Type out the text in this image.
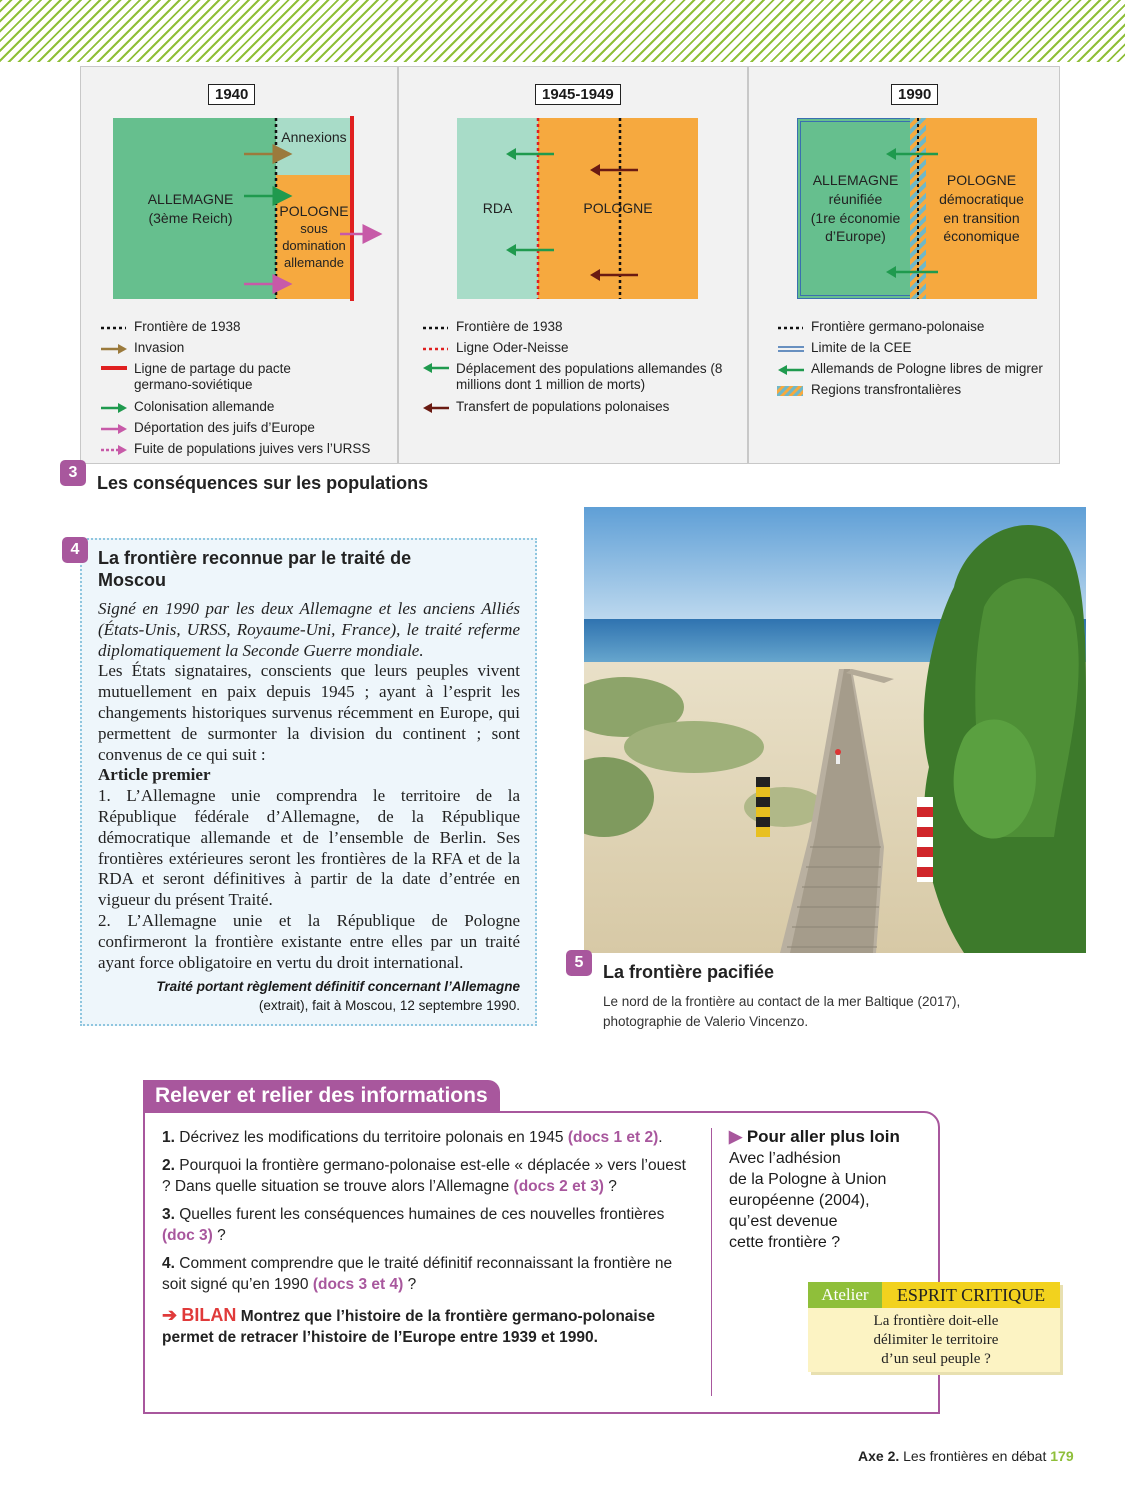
1940
ALLEMAGNE
(3ème Reich)
Annexions
POLOGNE
sous
domination
allemande
Frontière de 1938
Invasion
Ligne de partage du pacte germano-soviétique
Colonisation allemande
Déportation des juifs d’Europe
Fuite de populations juives vers l’URSS
1945-1949
RDA	POLOGNE
Frontière de 1938
Ligne Oder-Neisse
Déplacement des populations allemandes (8 millions dont 1 million de morts)
Transfert de populations polonaises
1990
ALLEMAGNE
réunifiée
(1re économie
d’Europe)
POLOGNE
démocratique
en transition
économique
Frontière germano-polonaise
Limite de la CEE
Allemands de Pologne libres de migrer
Regions transfrontalières
3
Les conséquences sur les populations
4	La frontière reconnue par le traité de Moscou
Signé en 1990 par les deux Allemagne et les anciens Alliés (États-Unis, URSS, Royaume-Uni, France), le traité referme diplomatiquement la Seconde Guerre mondiale.
Les États signataires, conscients que leurs peuples vivent mutuellement en paix depuis 1945 ; ayant à l’esprit les changements historiques survenus récemment en Europe, qui permettent de surmonter la division du continent ; sont convenus de ce qui suit :
Article premier
1. L’Allemagne unie comprendra le territoire de la République fédérale d’Allemagne, de la République démocratique allemande et de l’ensemble de Berlin. Ses frontières extérieures seront les frontières de la RFA et de la RDA et seront définitives à partir de la date d’entrée en vigueur du présent Traité.
2. L’Allemagne unie et la République de Pologne confirmeront la frontière existante entre elles par un traité ayant force obligatoire en vertu du droit international.
Traité portant règlement définitif concernant l’Allemagne
(extrait), fait à Moscou, 12 septembre 1990.
5	La frontière pacifiée
Le nord de la frontière au contact de la mer Baltique (2017),
photographie de Valerio Vincenzo.
Relever et relier des informations
1. Décrivez les modifications du territoire polonais en 1945 (docs 1 et 2).
2. Pourquoi la frontière germano-polonaise est-elle « déplacée » vers l’ouest ? Dans quelle situation se trouve alors l’Allemagne (docs 2 et 3) ?
3. Quelles furent les conséquences humaines de ces nouvelles frontières (doc 3) ?
4. Comment comprendre que le traité définitif reconnaissant la frontière ne soit signé qu’en 1990 (docs 3 et 4) ?
➔ BILAN Montrez que l’histoire de la frontière germano-polonaise permet de retracer l’histoire de l’Europe entre 1939 et 1990.
▶ Pour aller plus loin
Avec l’adhésion
de la Pologne à Union
européenne (2004),
qu’est devenue
cette frontière ?
Atelier	ESPRIT CRITIQUE
La frontière doit-elle
délimiter le territoire
d’un seul peuple ?
Axe 2. Les frontières en débat 179
